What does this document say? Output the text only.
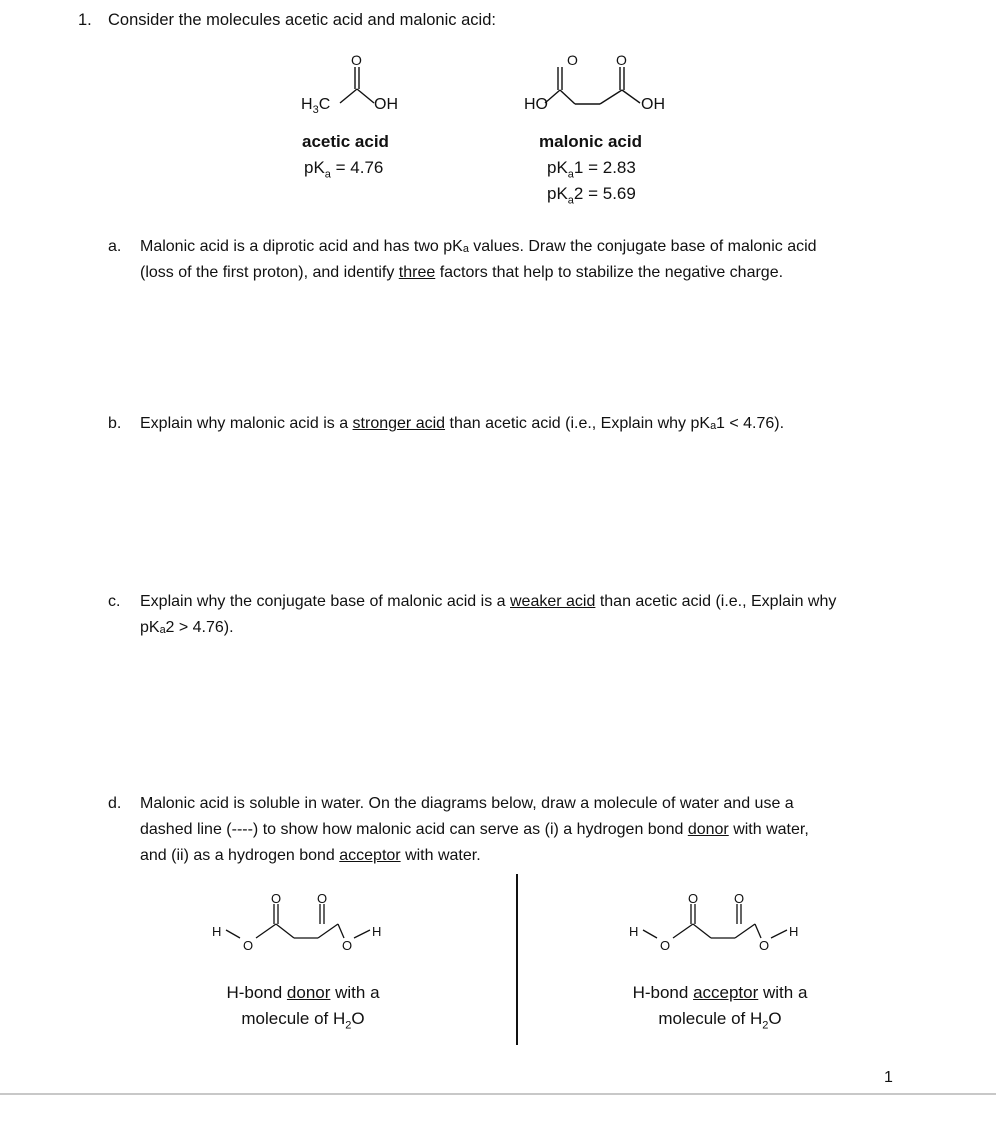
1. Consider the molecules acetic acid and malonic acid:
O
$H_3C$	OH
acetic acid
$pK_a = 4.76$
O	O
HO	OH
malonic acid
$pK_a1 = 2.83$
$pK_a2 = 5.69$
a. Malonic acid is a diprotic acid and has two pKₐ values. Draw the conjugate base of malonic acid
(loss of the first proton), and identify three factors that help to stabilize the negative charge.
b. Explain why malonic acid is a stronger acid than acetic acid (i.e., Explain why pKₐ1 < 4.76).
c. Explain why the conjugate base of malonic acid is a weaker acid than acetic acid (i.e., Explain why
pKₐ2 > 4.76).
d. Malonic acid is soluble in water. On the diagrams below, draw a molecule of water and use a
dashed line (----) to show how malonic acid can serve as (i) a hydrogen bond donor with water,
and (ii) as a hydrogen bond acceptor with water.
H
O
O	O
O
H
H-bond donor with a
molecule of $H_2O$
H
O
O	O
O
H
H-bond acceptor with a
molecule of $H_2O$
1
